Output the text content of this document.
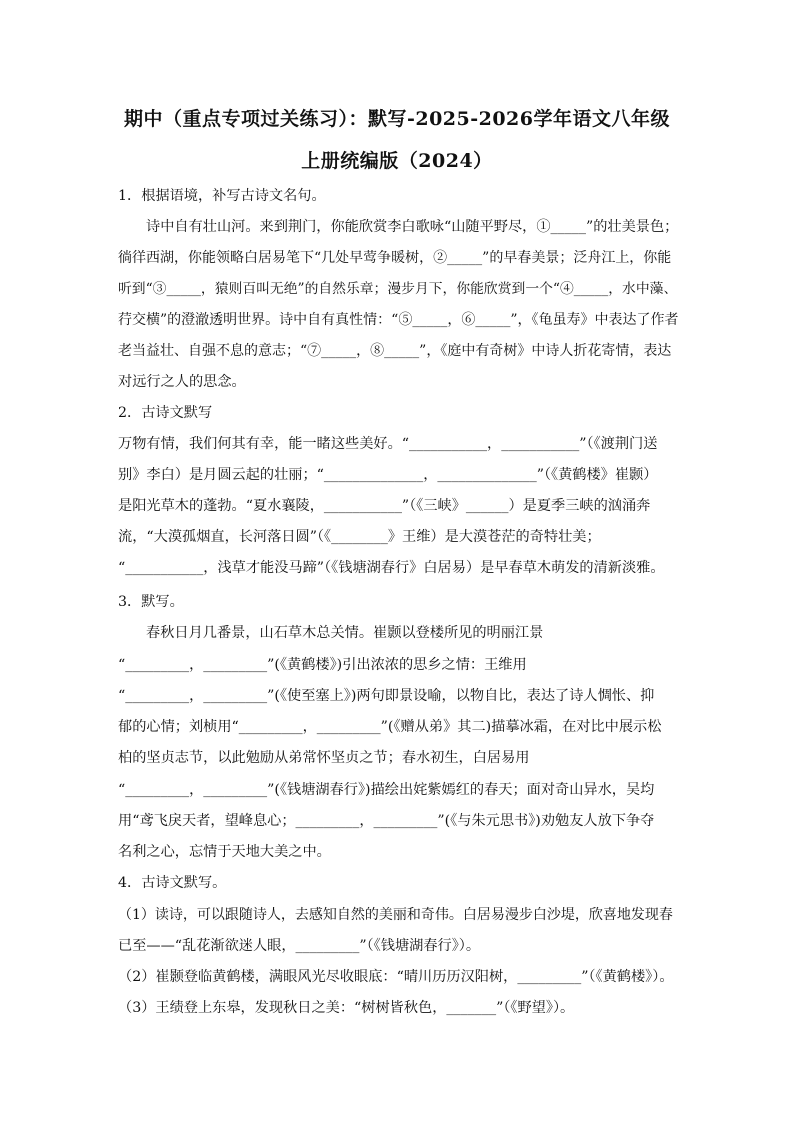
期中（重点专项过关练习）：默写-2025-2026学年语文八年级
上册统编版（2024）
1．根据语境，补写古诗文名句。
诗中自有壮山河。来到荆门，你能欣赏李白歌咏“山随平野尽，①_____”的壮美景色；
徜徉西湖，你能领略白居易笔下“几处早莺争暖树，②_____”的早春美景；泛舟江上，你能
听到“③_____，猿则百叫无绝”的自然乐章；漫步月下，你能欣赏到一个“④_____，水中藻、
荇交横”的澄澈透明世界。诗中自有真性情：“⑤_____，⑥_____”，《龟虽寿》中表达了作者
老当益壮、自强不息的意志；“⑦_____，⑧_____”，《庭中有奇树》中诗人折花寄情，表达
对远行之人的思念。
2．古诗文默写
万物有情，我们何其有幸，能一睹这些美好。“___________，___________”（《渡荆门送
别》李白）是月圆云起的壮丽；“______________，______________”（《黄鹤楼》崔颢）
是阳光草木的蓬勃。“夏水襄陵，___________”（《三峡》______）是夏季三峡的汹涌奔
流，“大漠孤烟直，长河落日圆”（《________》王维）是大漠苍茫的奇特壮美；
“___________，浅草才能没马蹄”（《钱塘湖春行》白居易）是早春草木萌发的清新淡雅。
3．默写。
春秋日月几番景，山石草木总关情。崔颢以登楼所见的明丽江景
“_________，_________”(《黄鹤楼》)引出浓浓的思乡之情：王维用
“_________，_________”(《使至塞上》)两句即景设喻，以物自比，表达了诗人惆怅、抑
郁的心情；刘桢用“_________，_________”(《赠从弟》其二)描摹冰霜，在对比中展示松
柏的坚贞志节，以此勉励从弟常怀坚贞之节；春水初生，白居易用
“_________，_________”(《钱塘湖春行》)描绘出姹紫嫣红的春天；面对奇山异水，吴均
用“鸢飞戾天者，望峰息心；_________，_________”(《与朱元思书》)劝勉友人放下争夺
名利之心，忘情于天地大美之中。
4．古诗文默写。
（1）读诗，可以跟随诗人，去感知自然的美丽和奇伟。白居易漫步白沙堤，欣喜地发现春
已至——“乱花渐欲迷人眼，_________”（《钱塘湖春行》）。
（2）崔颢登临黄鹤楼，满眼风光尽收眼底：“晴川历历汉阳树，_________”（《黄鹤楼》）。
（3）王绩登上东皋，发现秋日之美：“树树皆秋色，_______”（《野望》）。
